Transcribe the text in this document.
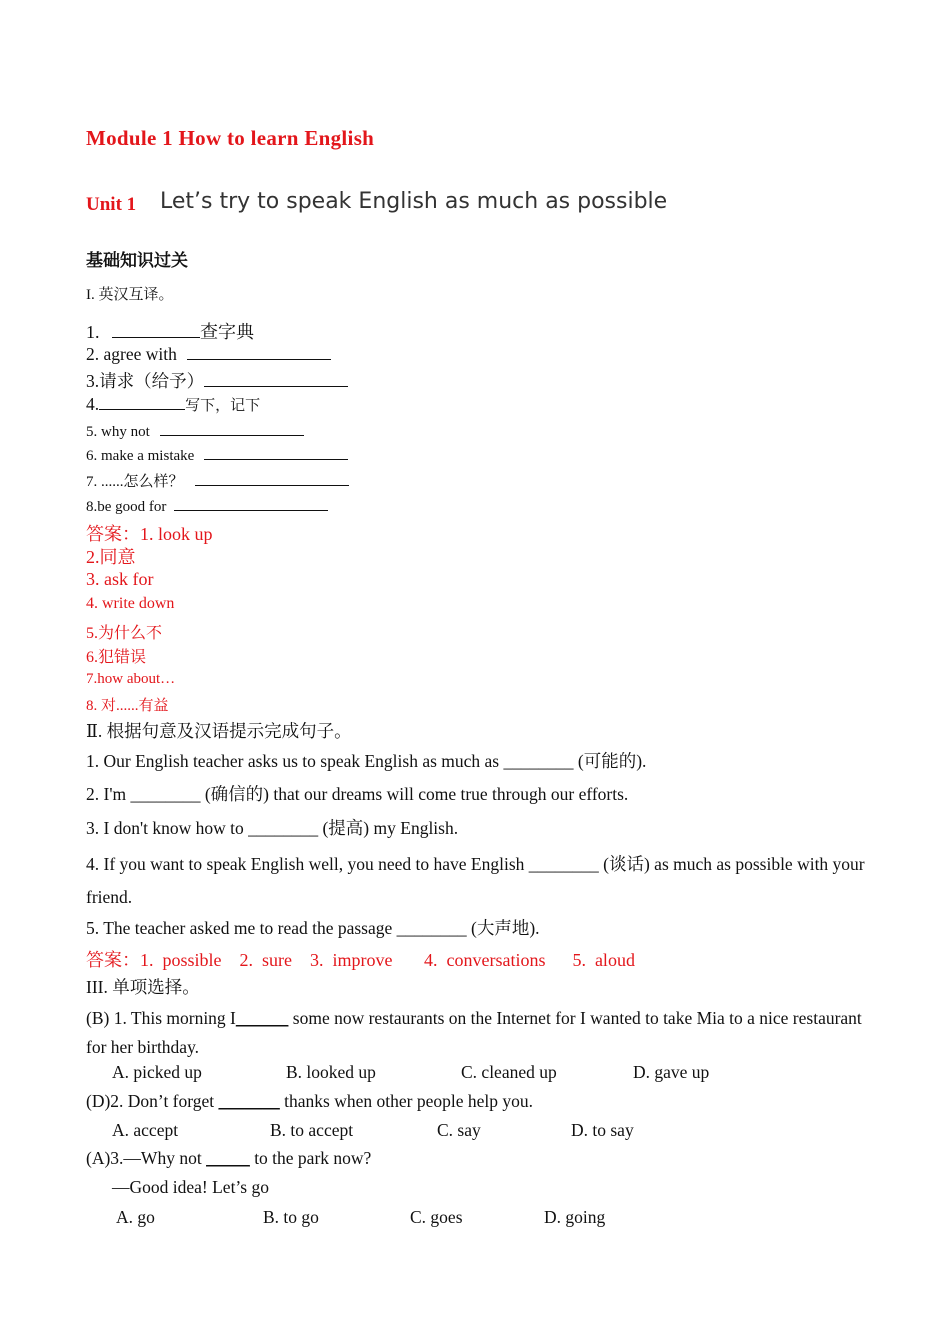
Module 1 How to learn English
Unit 1 Let’s try to speak English as much as possible
基础知识过关
I. 英汉互译。
1.	查字典
2. agree with
3.请求（给予）
4.	写下，记下
5. why not
6. make a mistake
7. ......怎么样？
8.be good for
答案：1. look up
2.同意
3. ask for
4. write down
5.为什么不
6.犯错误
7.how about…
8. 对......有益
Ⅱ. 根据句意及汉语提示完成句子。
1. Our English teacher asks us to speak English as much as ________ (可能的).
2. I'm ________ (确信的) that our dreams will come true through our efforts.
3. I don't know how to ________ (提高) my English.
4. If you want to speak English well, you need to have English ________ (谈话) as much as possible with your friend.
5. The teacher asked me to read the passage ________ (大声地).
答案：1.  possible    2.  sure    3.  improve       4.  conversations      5.  aloud
III. 单项选择。
(B) 1. This morning I______ some now restaurants on the Internet for I wanted to take Mia to a nice restaurant for her birthday.
A. picked up	B. looked up	C. cleaned up	D. gave up
(D)2. Don’t forget _______ thanks when other people help you.
A. accept	B. to accept	C. say	D. to say
(A)3.—Why not _____ to the park now?
—Good idea! Let’s go
A. go	B. to go	C. goes	D. going
